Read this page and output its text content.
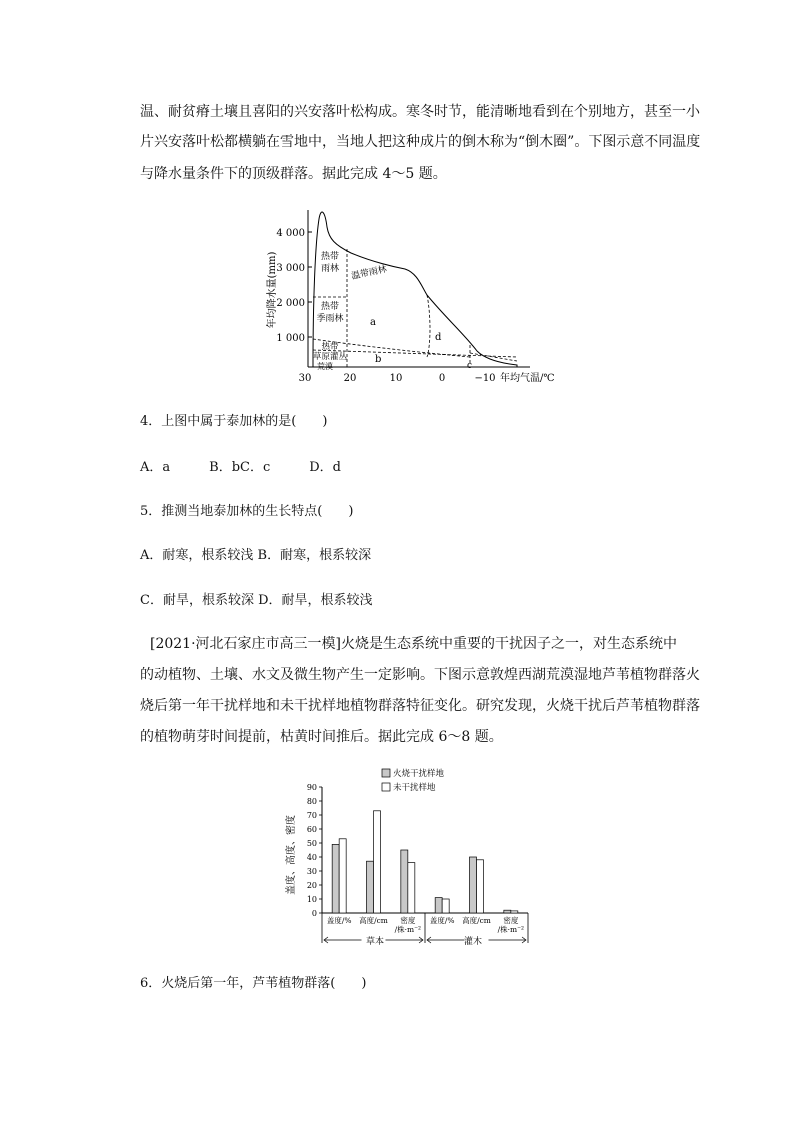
温、耐贫瘠土壤且喜阳的兴安落叶松构成。寒冬时节，能清晰地看到在个别地方，甚至一小
片兴安落叶松都横躺在雪地中，当地人把这种成片的倒木称为“倒木圈”。下图示意不同温度
与降水量条件下的顶级群落。据此完成 4～5 题。
4 000
3 000
2 000
1 000
年均降水量(mm)
30	20	10	0	−10 年均气温/℃
热带
雨林 温带雨林
热带
季雨林	a
d
热带
草原灌丛	b
荒漠	c
4．上图中属于泰加林的是(　　)
A．a　　　B．bC．c　　　D．d
5．推测当地泰加林的生长特点(　　)
A．耐寒，根系较浅 B．耐寒，根系较深
C．耐旱，根系较深 D．耐旱，根系较浅
[2021·河北石家庄市高三一模]火烧是生态系统中重要的干扰因子之一，对生态系统中
的动植物、土壤、水文及微生物产生一定影响。下图示意敦煌西湖荒漠湿地芦苇植物群落火
烧后第一年干扰样地和未干扰样地植物群落特征变化。研究发现，火烧干扰后芦苇植物群落
的植物萌芽时间提前，枯黄时间推后。据此完成 6～8 题。
0
10
20
30
40
50
60
70
80
90
盖度/% 高度/cm 密度
/株·m⁻²
盖度/% 高度/cm 密度
/株·m⁻²
火烧干扰样地
未干扰样地
盖度、高度、密度
草本	灌木
6．火烧后第一年，芦苇植物群落(　　)
